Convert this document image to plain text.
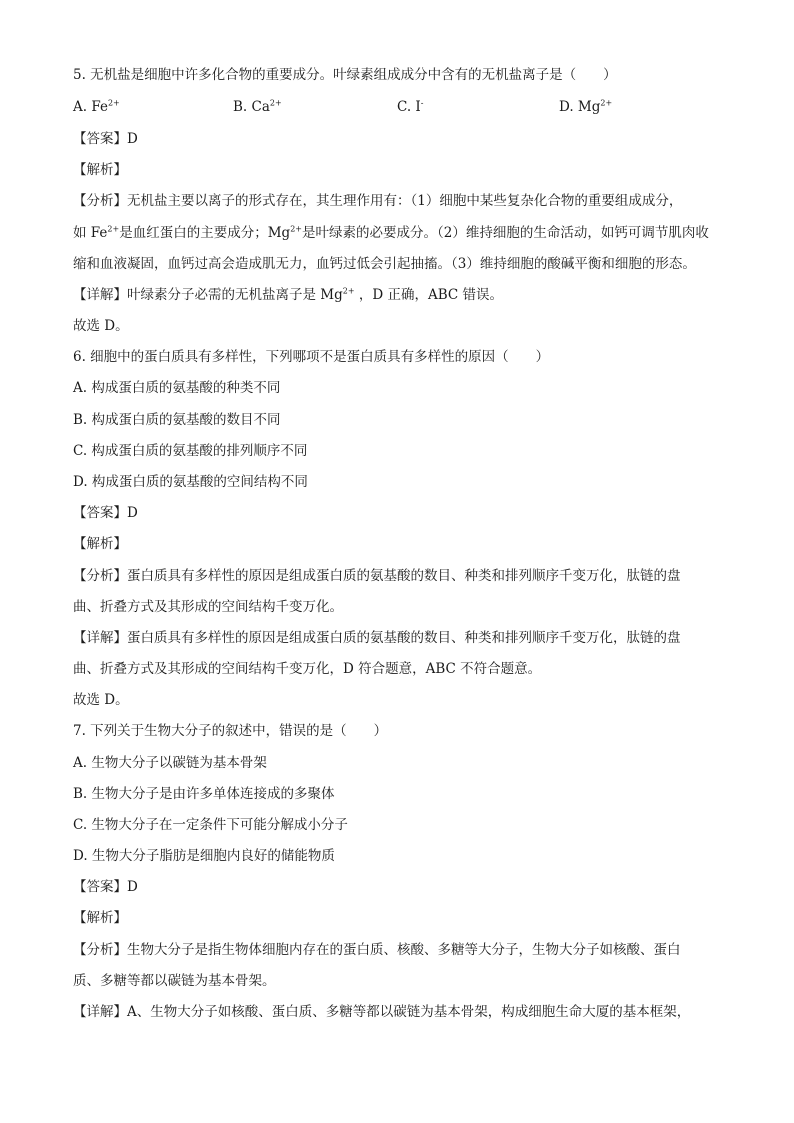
5. 无机盐是细胞中许多化合物的重要成分。叶绿素组成成分中含有的无机盐离子是（　　）
A. $Fe^{2+}$	B. $Ca^{2+}$	C. I-	D. $Mg^{2+}$
【答案】D
【解析】
【分析】无机盐主要以离子的形式存在，其生理作用有：（1）细胞中某些复杂化合物的重要组成成分，
如 $Fe^{2+}$是血红蛋白的主要成分；$Mg^{2+}$是叶绿素的必要成分。（2）维持细胞的生命活动，如钙可调节肌肉收
缩和血液凝固，血钙过高会造成肌无力，血钙过低会引起抽搐。（3）维持细胞的酸碱平衡和细胞的形态。
【详解】叶绿素分子必需的无机盐离子是 $Mg^{2+}$ ，D 正确，ABC 错误。
故选 D。
6. 细胞中的蛋白质具有多样性，下列哪项不是蛋白质具有多样性的原因（　　）
A. 构成蛋白质的氨基酸的种类不同
B. 构成蛋白质的氨基酸的数目不同
C. 构成蛋白质的氨基酸的排列顺序不同
D. 构成蛋白质的氨基酸的空间结构不同
【答案】D
【解析】
【分析】蛋白质具有多样性的原因是组成蛋白质的氨基酸的数目、种类和排列顺序千变万化，肽链的盘
曲、折叠方式及其形成的空间结构千变万化。
【详解】蛋白质具有多样性的原因是组成蛋白质的氨基酸的数目、种类和排列顺序千变万化，肽链的盘
曲、折叠方式及其形成的空间结构千变万化，D 符合题意，ABC 不符合题意。
故选 D。
7. 下列关于生物大分子的叙述中，错误的是（　　）
A. 生物大分子以碳链为基本骨架
B. 生物大分子是由许多单体连接成的多聚体
C. 生物大分子在一定条件下可能分解成小分子
D. 生物大分子脂肪是细胞内良好的储能物质
【答案】D
【解析】
【分析】生物大分子是指生物体细胞内存在的蛋白质、核酸、多糖等大分子，生物大分子如核酸、蛋白
质、多糖等都以碳链为基本骨架。
【详解】A、生物大分子如核酸、蛋白质、多糖等都以碳链为基本骨架，构成细胞生命大厦的基本框架，
